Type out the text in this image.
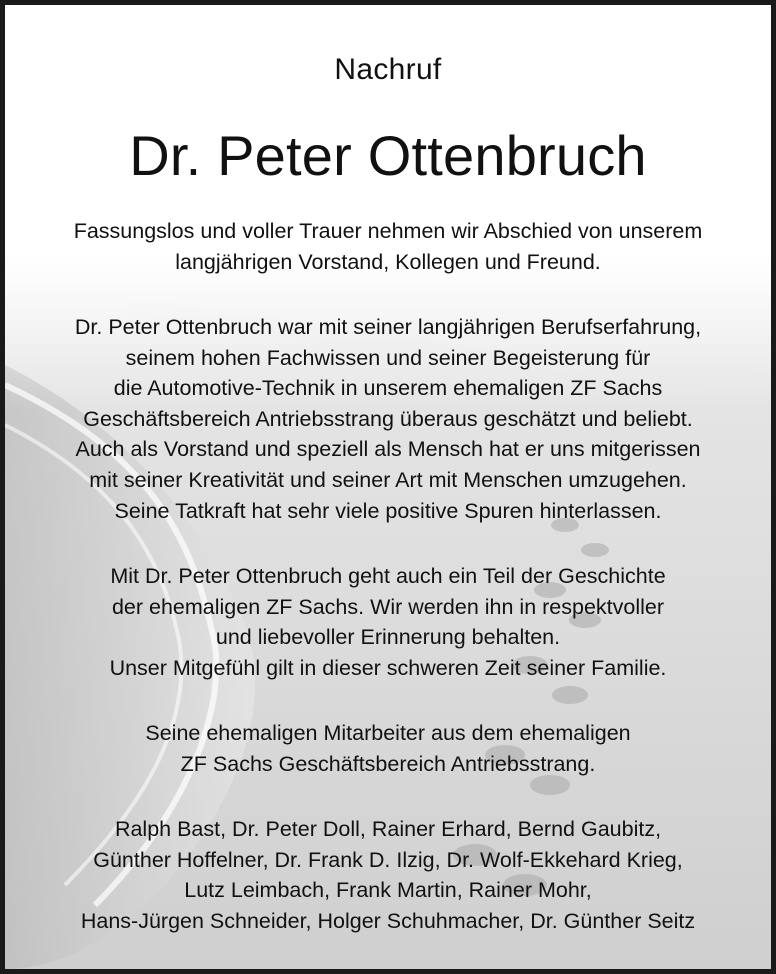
Nachruf
Dr. Peter Ottenbruch
Fassungslos und voller Trauer nehmen wir Abschied von unserem
langjährigen Vorstand, Kollegen und Freund.
Dr. Peter Ottenbruch war mit seiner langjährigen Berufserfahrung,
seinem hohen Fachwissen und seiner Begeisterung für
die Automotive-Technik in unserem ehemaligen ZF Sachs
Geschäftsbereich Antriebsstrang überaus geschätzt und beliebt.
Auch als Vorstand und speziell als Mensch hat er uns mitgerissen
mit seiner Kreativität und seiner Art mit Menschen umzugehen.
Seine Tatkraft hat sehr viele positive Spuren hinterlassen.
Mit Dr. Peter Ottenbruch geht auch ein Teil der Geschichte
der ehemaligen ZF Sachs. Wir werden ihn in respektvoller
und liebevoller Erinnerung behalten.
Unser Mitgefühl gilt in dieser schweren Zeit seiner Familie.
Seine ehemaligen Mitarbeiter aus dem ehemaligen
ZF Sachs Geschäftsbereich Antriebsstrang.
Ralph Bast, Dr. Peter Doll, Rainer Erhard, Bernd Gaubitz,
Günther Hoffelner, Dr. Frank D. Ilzig, Dr. Wolf-Ekkehard Krieg,
Lutz Leimbach, Frank Martin, Rainer Mohr,
Hans-Jürgen Schneider, Holger Schuhmacher, Dr. Günther Seitz
